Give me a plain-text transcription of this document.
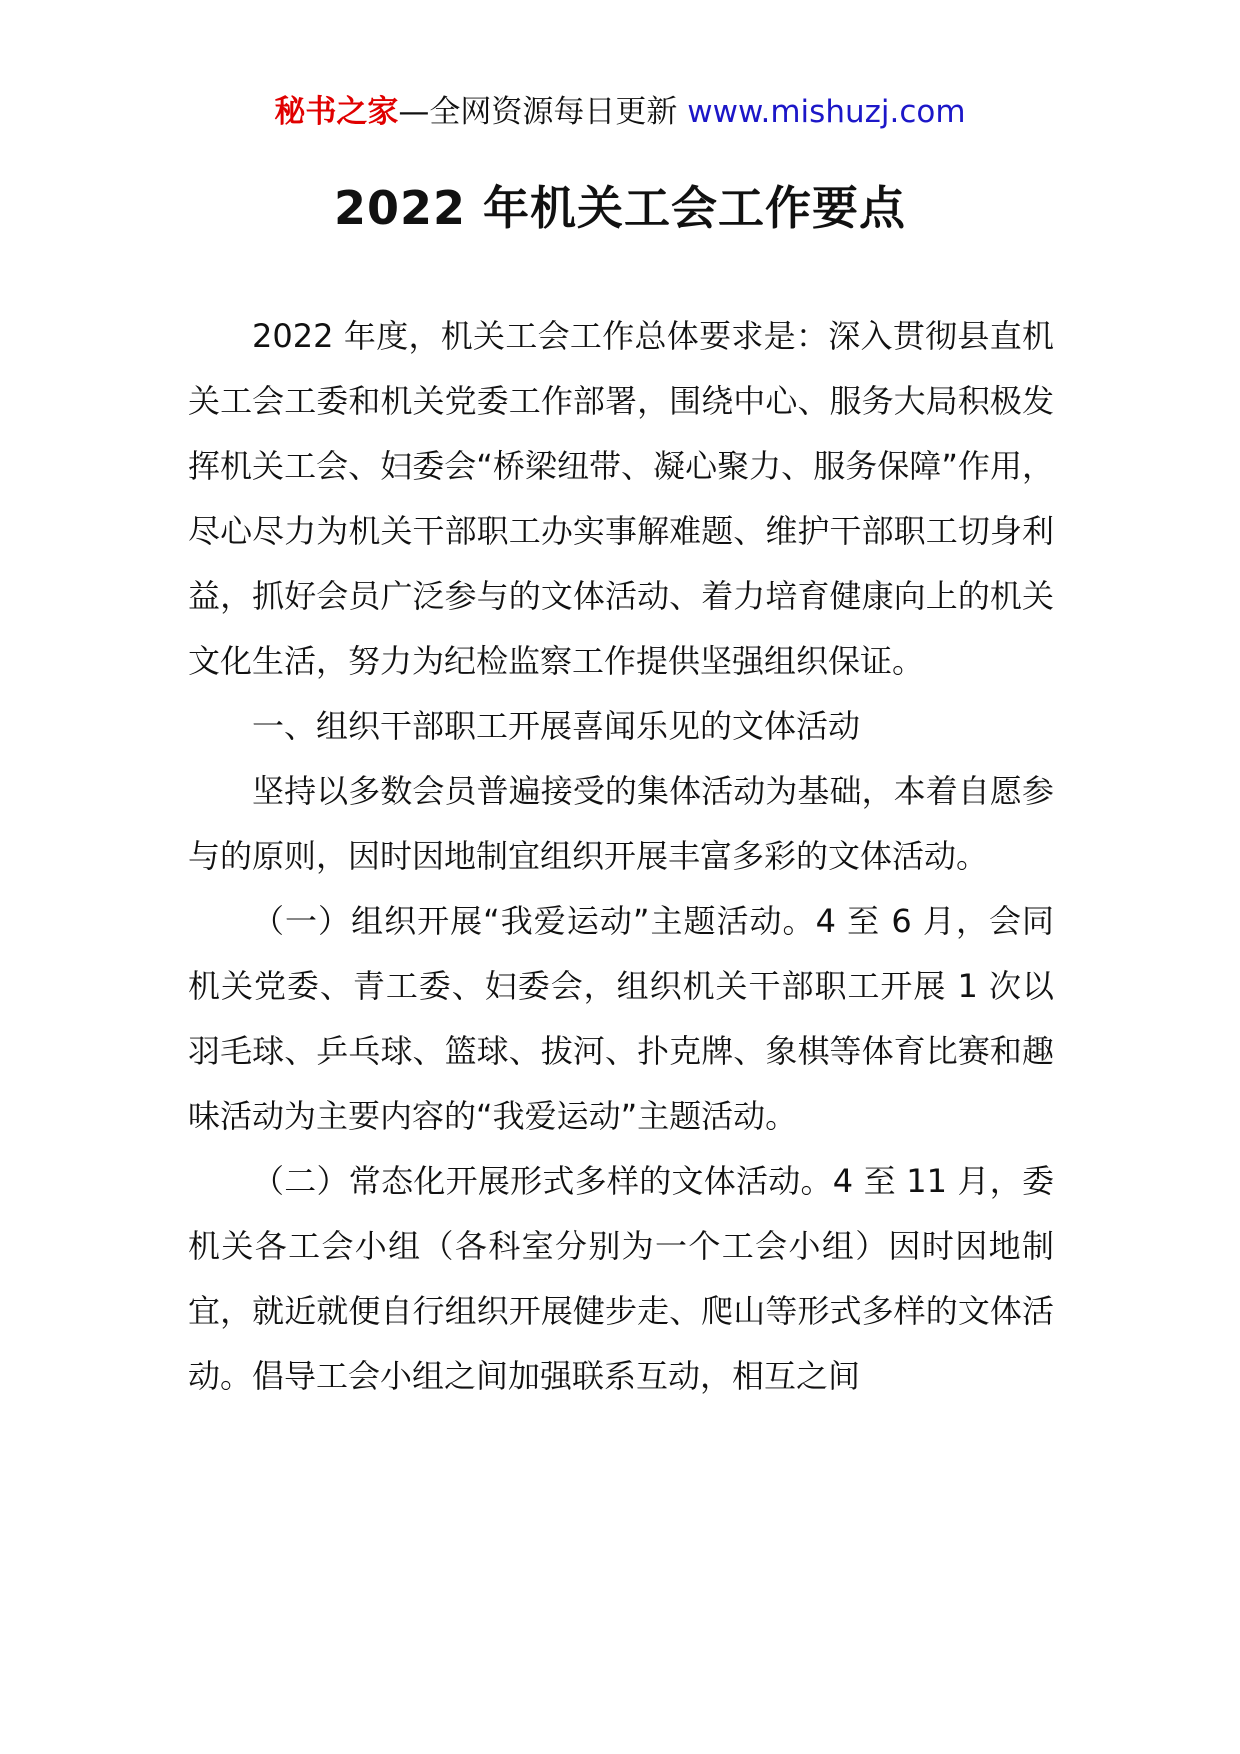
秘书之家—全网资源每日更新 www.mishuzj.com
2022 年机关工会工作要点

2022 年度，机关工会工作总体要求是：深入贯彻县直机关工会工委和机关党委工作部署，围绕中心、服务大局积极发挥机关工会、妇委会“桥梁纽带、凝心聚力、服务保障”作用，尽心尽力为机关干部职工办实事解难题、维护干部职工切身利益，抓好会员广泛参与的文体活动、着力培育健康向上的机关文化生活，努力为纪检监察工作提供坚强组织保证。

一、组织干部职工开展喜闻乐见的文体活动

坚持以多数会员普遍接受的集体活动为基础，本着自愿参与的原则，因时因地制宜组织开展丰富多彩的文体活动。

（一）组织开展“我爱运动”主题活动。4 至 6 月，会同机关党委、青工委、妇委会，组织机关干部职工开展 1 次以羽毛球、乒乓球、篮球、拔河、扑克牌、象棋等体育比赛和趣味活动为主要内容的“我爱运动”主题活动。

（二）常态化开展形式多样的文体活动。4 至 11 月，委机关各工会小组（各科室分别为一个工会小组）因时因地制宜，就近就便自行组织开展健步走、爬山等形式多样的文体活动。倡导工会小组之间加强联系互动，相互之间
